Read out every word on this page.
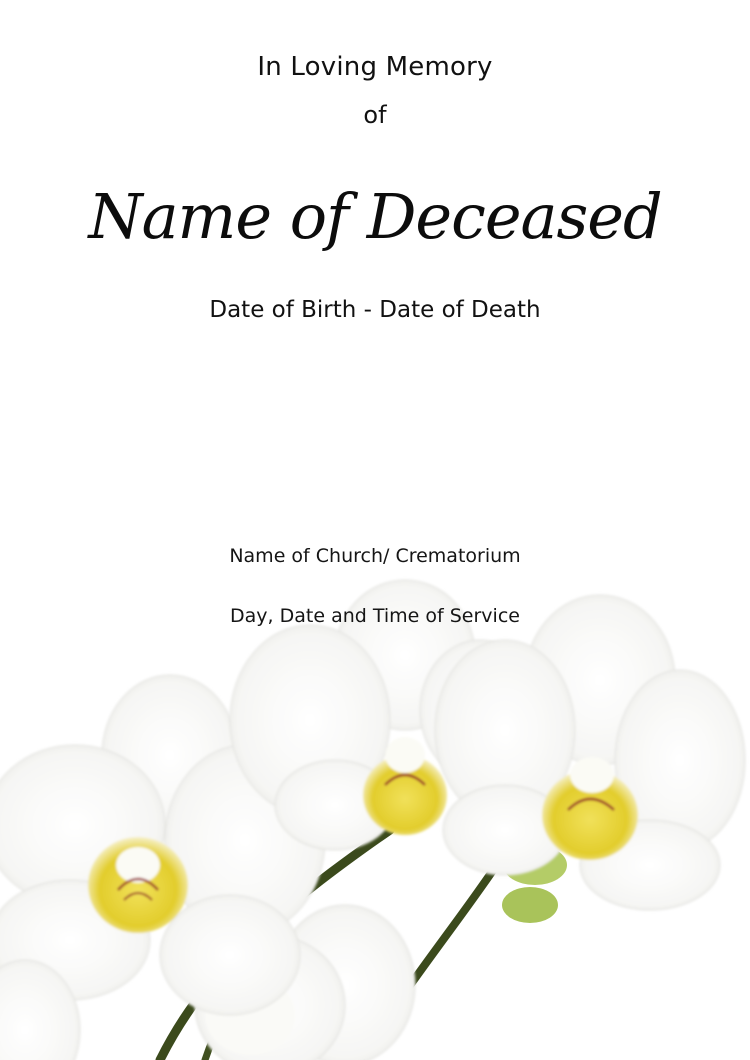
In Loving Memory
of
Name of Deceased
Date of Birth - Date of Death
Name of Church/ Crematorium
Day, Date and Time of Service
